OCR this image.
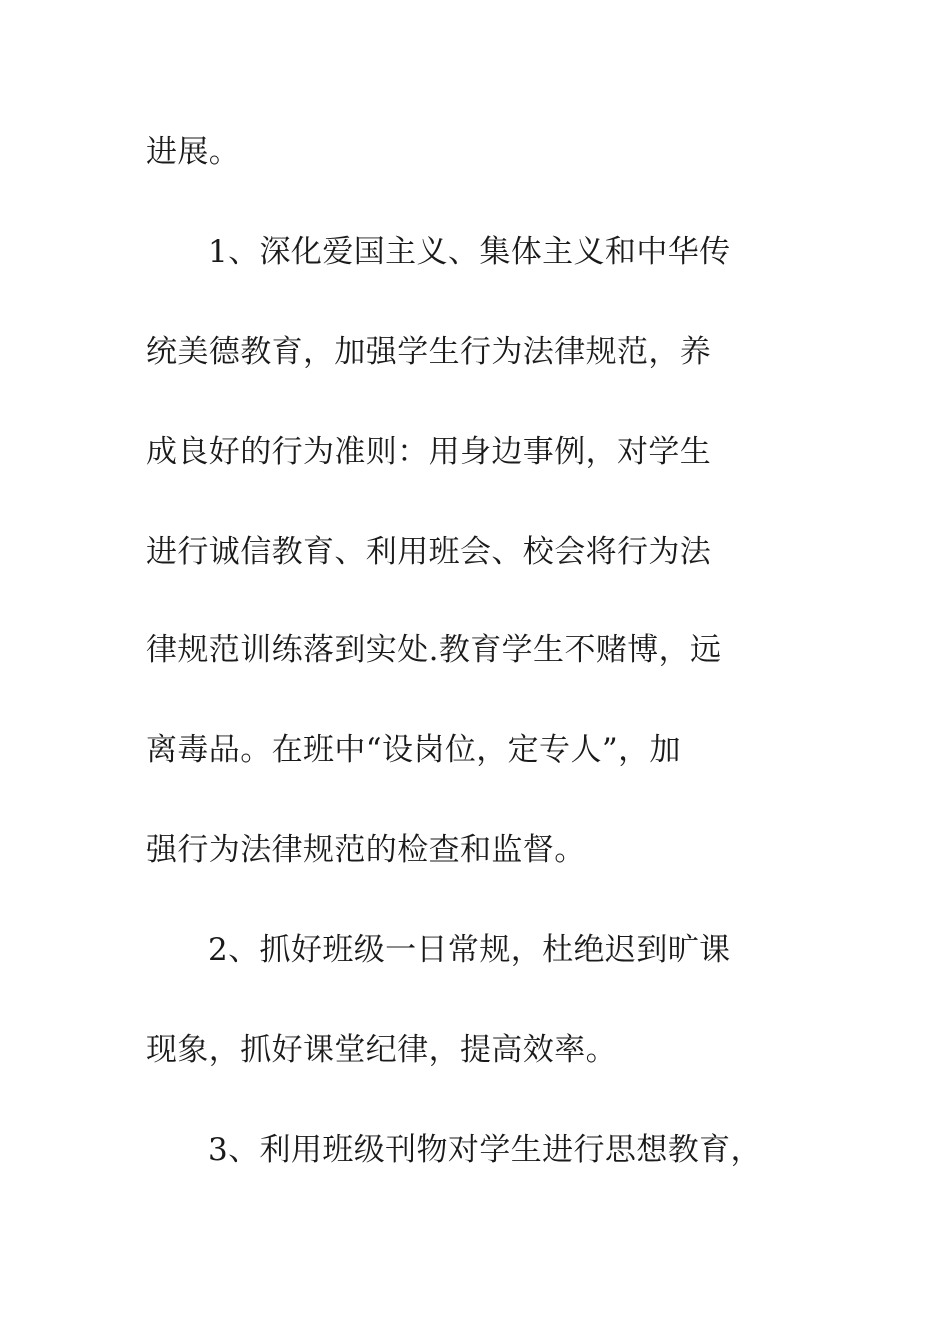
进展。
1、深化爱国主义、集体主义和中华传
统美德教育，加强学生行为法律规范，养
成良好的行为准则：用身边事例，对学生
进行诚信教育、利用班会、校会将行为法
律规范训练落到实处.教育学生不赌博，远
离毒品。在班中“设岗位，定专人”，加
强行为法律规范的检查和监督。
2、抓好班级一日常规，杜绝迟到旷课
现象，抓好课堂纪律，提高效率。
3、利用班级刊物对学生进行思想教育，
